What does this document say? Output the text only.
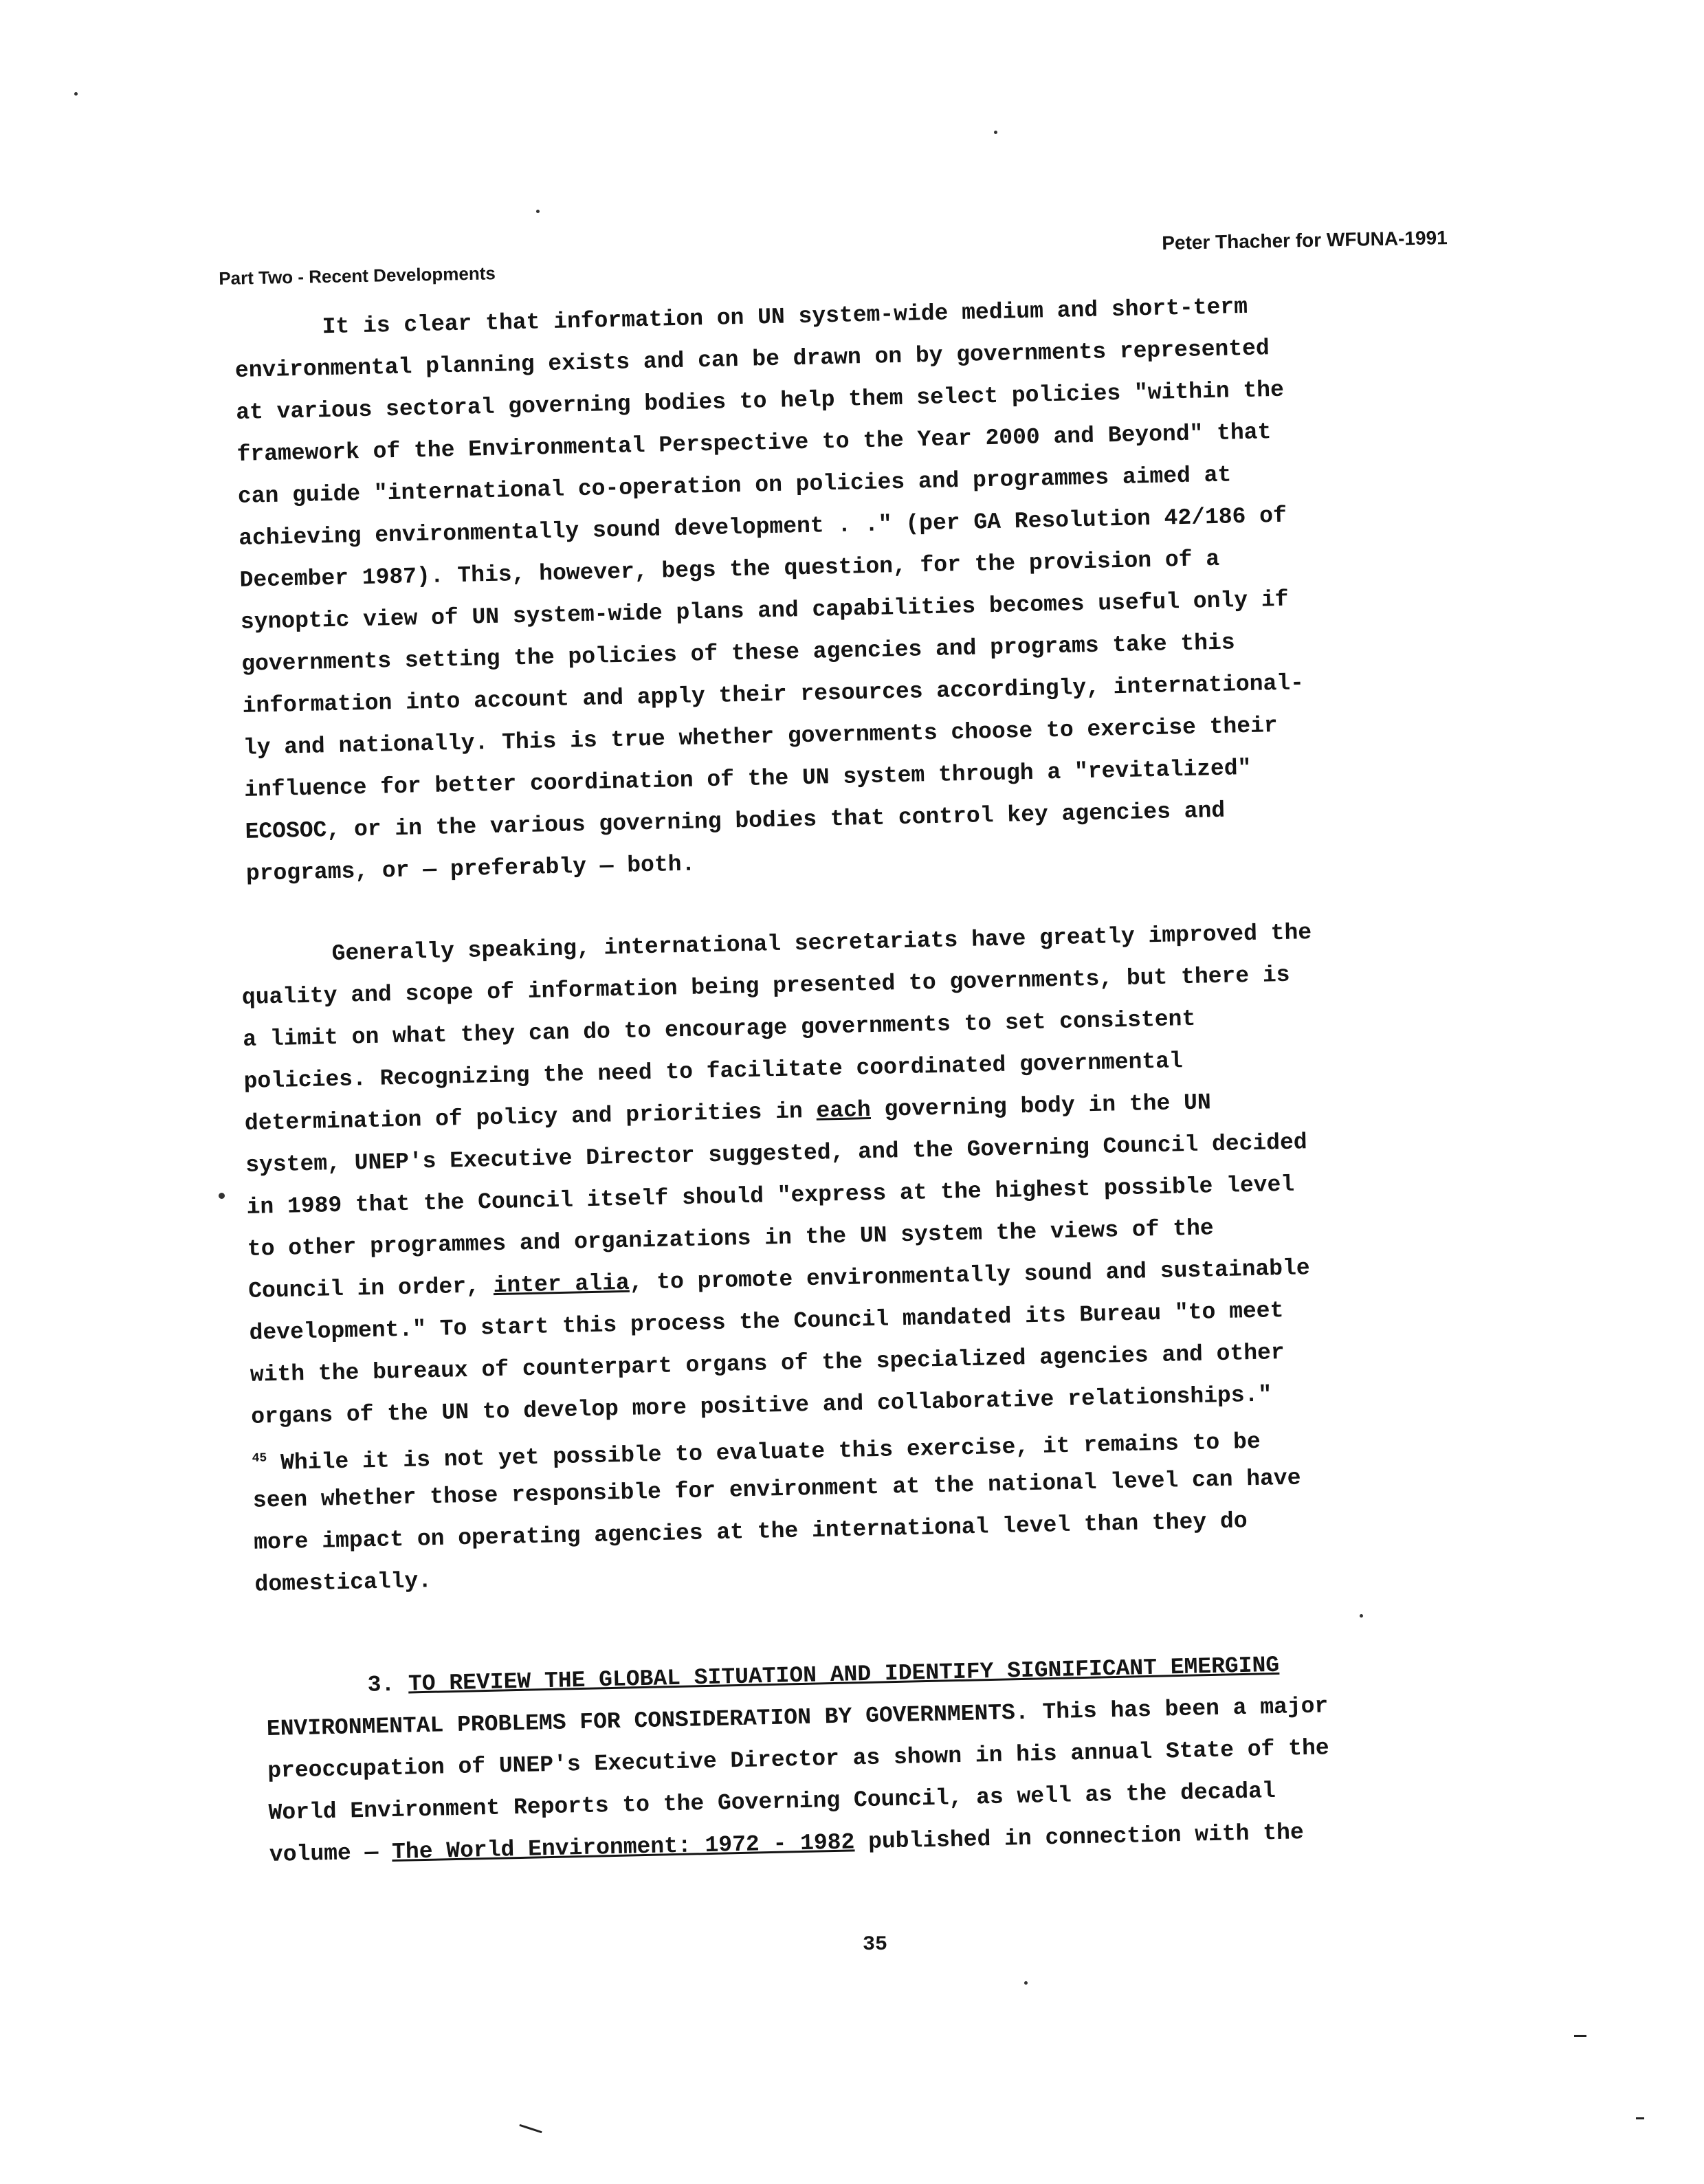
Peter Thacher for WFUNA-1991
Part Two - Recent Developments
It is clear that information on UN system-wide medium and short-term
environmental planning exists and can be drawn on by governments represented
at various sectoral governing bodies to help them select policies "within the
framework of the Environmental Perspective to the Year 2000 and Beyond" that
can guide "international co-operation on policies and programmes aimed at
achieving environmentally sound development . ." (per GA Resolution 42/186 of
December 1987). This, however, begs the question, for the provision of a
synoptic view of UN system-wide plans and capabilities becomes useful only if
governments setting the policies of these agencies and programs take this
information into account and apply their resources accordingly, international-
ly and nationally. This is true whether governments choose to exercise their
influence for better coordination of the UN system through a "revitalized"
ECOSOC, or in the various governing bodies that control key agencies and
programs, or — preferably — both.
Generally speaking, international secretariats have greatly improved the
quality and scope of information being presented to governments, but there is
a limit on what they can do to encourage governments to set consistent
policies. Recognizing the need to facilitate coordinated governmental
determination of policy and priorities in each governing body in the UN
system, UNEP's Executive Director suggested, and the Governing Council decided
in 1989 that the Council itself should "express at the highest possible level
to other programmes and organizations in the UN system the views of the
Council in order, inter alia, to promote environmentally sound and sustainable
development." To start this process the Council mandated its Bureau "to meet
with the bureaux of counterpart organs of the specialized agencies and other
organs of the UN to develop more positive and collaborative relationships."
$^{45}$ While it is not yet possible to evaluate this exercise, it remains to be
seen whether those responsible for environment at the national level can have
more impact on operating agencies at the international level than they do
domestically.
3. TO REVIEW THE GLOBAL SITUATION AND IDENTIFY SIGNIFICANT EMERGING
ENVIRONMENTAL PROBLEMS FOR CONSIDERATION BY GOVERNMENTS. This has been a major
preoccupation of UNEP's Executive Director as shown in his annual State of the
World Environment Reports to the Governing Council, as well as the decadal
volume — The World Environment: 1972 - 1982 published in connection with the
35
